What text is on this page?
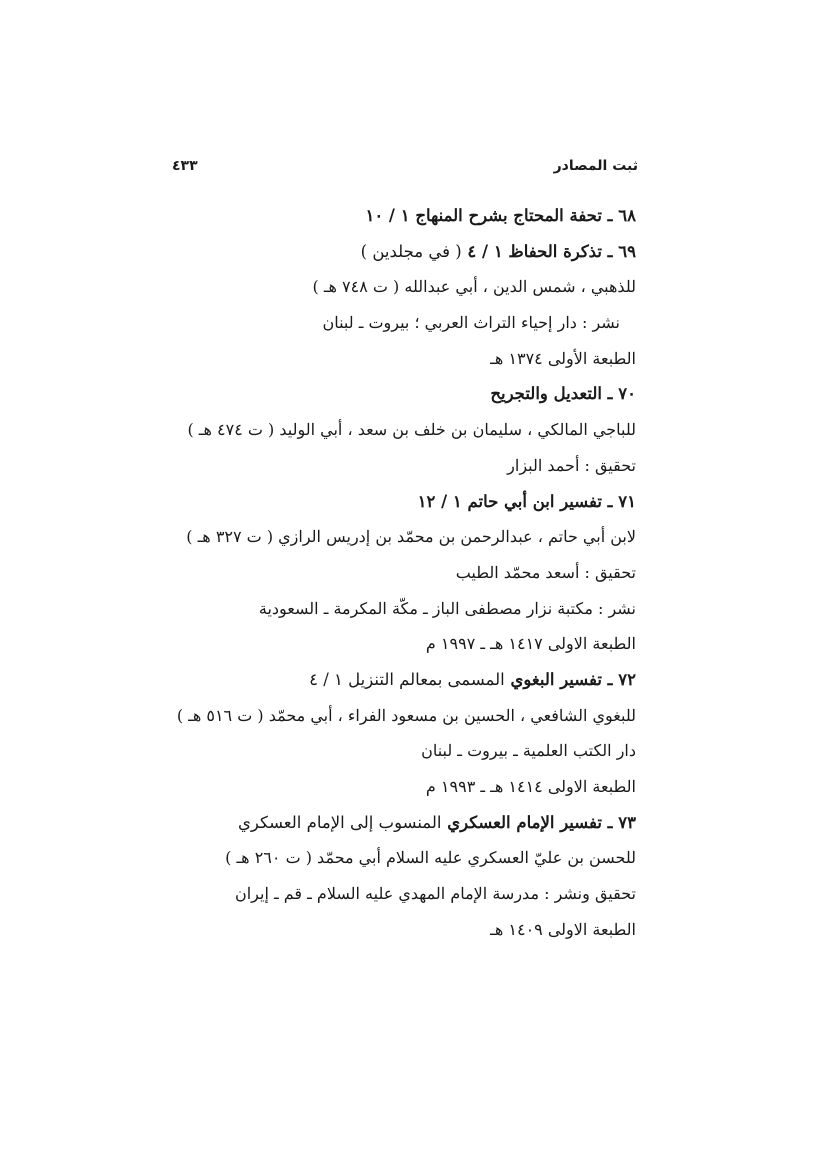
ثبت المصادر
٤٣٣
٦٨ ـ تحفة المحتاج بشرح المنهاج ١ / ١٠
٦٩ ـ تذكرة الحفاظ ١ / ٤ ( في مجلدين )
للذهبي ، شمس الدين ، أبي عبدالله ( ت ٧٤٨ هـ )
نشر : دار إحياء التراث العربي ؛ بيروت ـ لبنان
الطبعة الأولى ١٣٧٤ هـ
٧٠ ـ التعديل والتجريح
للباجي المالكي ، سليمان بن خلف بن سعد ، أبي الوليد ( ت ٤٧٤ هـ )
تحقيق : أحمد البزار
٧١ ـ تفسير ابن أبي حاتم ١ / ١٢
لابن أبي حاتم ، عبدالرحمن بن محمّد بن إدريس الرازي ( ت ٣٢٧ هـ )
تحقيق : أسعد محمّد الطيب
نشر : مكتبة نزار مصطفى الباز ـ مكّة المكرمة ـ السعودية
الطبعة الاولى ١٤١٧ هـ ـ ١٩٩٧ م
٧٢ ـ تفسير البغوي المسمى بمعالم التنزيل ١ / ٤
للبغوي الشافعي ، الحسين بن مسعود الفراء ، أبي محمّد ( ت ٥١٦ هـ )
دار الكتب العلمية ـ بيروت ـ لبنان
الطبعة الاولى ١٤١٤ هـ ـ ١٩٩٣ م
٧٣ ـ تفسير الإمام العسكري المنسوب إلى الإمام العسكري
للحسن بن عليّ العسكري عليه السلام أبي محمّد ( ت ٢٦٠ هـ )
تحقيق ونشر : مدرسة الإمام المهدي عليه السلام ـ قم ـ إيران
الطبعة الاولى ١٤٠٩ هـ
